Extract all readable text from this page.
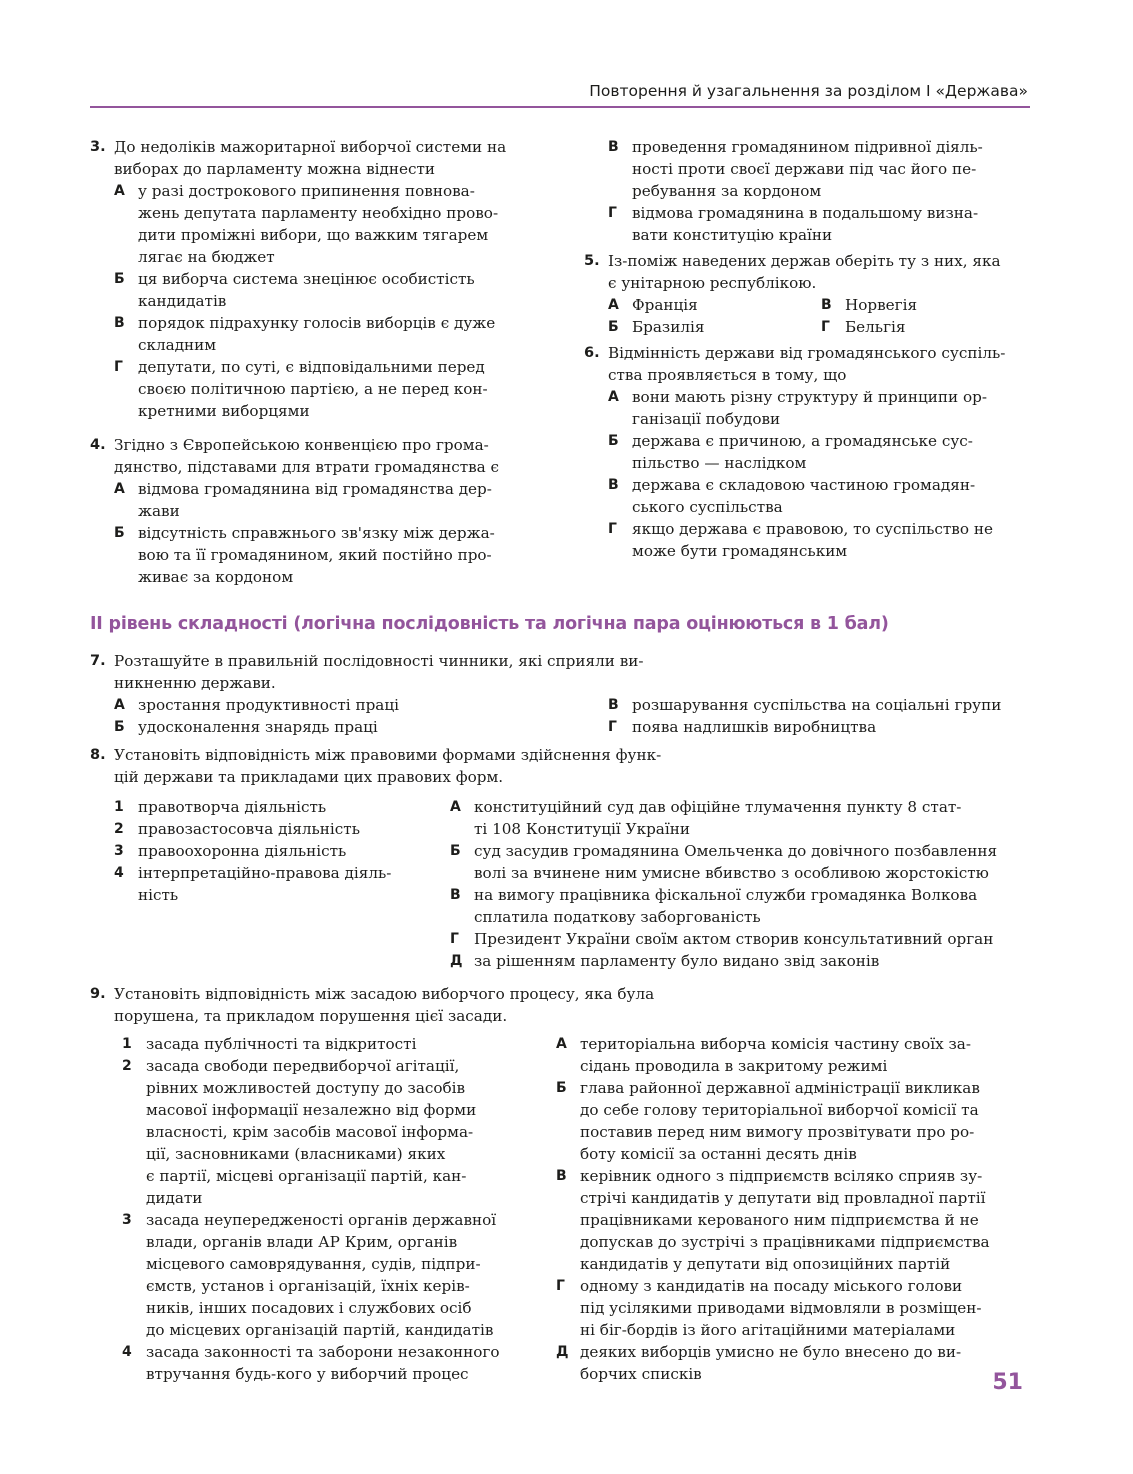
Повторення й узагальнення за розділом І «Держава»
3. До недоліків мажоритарної виборчої системи на
виборах до парламенту можна віднести
А у разі дострокового припинення повнова-
жень депутата парламенту необхідно прово-
дити проміжні вибори, що важким тягарем
лягає на бюджет
Б ця виборча система знецінює особистість
кандидатів
В порядок підрахунку голосів виборців є дуже
складним
Г депутати, по суті, є відповідальними перед
своєю політичною партією, а не перед кон-
кретними виборцями
4. Згідно з Європейською конвенцією про грома-
дянство, підставами для втрати громадянства є
А відмова громадянина від громадянства дер-
жави
Б відсутність справжнього зв'язку між держа-
вою та її громадянином, який постійно про-
живає за кордоном
В проведення громадянином підривної діяль-
ності проти своєї держави під час його пе-
ребування за кордоном
Г відмова громадянина в подальшому визна-
вати конституцію країни
5. Із-поміж наведених держав оберіть ту з них, яка
є унітарною республікою.
А Франція
Б Бразилія
В Норвегія
Г Бельгія
6. Відмінність держави від громадянського суспіль-
ства проявляється в тому, що
А вони мають різну структуру й принципи ор-
ганізації побудови
Б держава є причиною, а громадянське сус-
пільство — наслідком
В держава є складовою частиною громадян-
ського суспільства
Г якщо держава є правовою, то суспільство не
може бути громадянським
ІІ рівень складності (логічна послідовність та логічна пара оцінюються в 1 бал)
7. Розташуйте в правильній послідовності чинники, які сприяли ви-
никненню держави.
А зростання продуктивності праці
Б удосконалення знарядь праці
В розшарування суспільства на соціальні групи
Г поява надлишків виробництва
8. Установіть відповідність між правовими формами здійснення функ-
цій держави та прикладами цих правових форм.
1 правотворча діяльність
2 правозастосовча діяльність
3 правоохоронна діяльність
4 інтерпретаційно-правова діяль-
ність
А конституційний суд дав офіційне тлумачення пункту 8 стат-
ті 108 Конституції України
Б суд засудив громадянина Омельченка до довічного позбавлення
волі за вчинене ним умисне вбивство з особливою жорстокістю
В на вимогу працівника фіскальної служби громадянка Волкова
сплатила податкову заборгованість
Г Президент України своїм актом створив консультативний орган
Д за рішенням парламенту було видано звід законів
9. Установіть відповідність між засадою виборчого процесу, яка була
порушена, та прикладом порушення цієї засади.
1 засада публічності та відкритості
2 засада свободи передвиборчої агітації,
рівних можливостей доступу до засобів
масової інформації незалежно від форми
власності, крім засобів масової інформа-
ції, засновниками (власниками) яких
є партії, місцеві організації партій, кан-
дидати
3 засада неупередженості органів державної
влади, органів влади АР Крим, органів
місцевого самоврядування, судів, підпри-
ємств, установ і організацій, їхніх керів-
ників, інших посадових і службових осіб
до місцевих організацій партій, кандидатів
4 засада законності та заборони незаконного
втручання будь-кого у виборчий процес
А територіальна виборча комісія частину своїх за-
сідань проводила в закритому режимі
Б глава районної державної адміністрації викликав
до себе голову територіальної виборчої комісії та
поставив перед ним вимогу прозвітувати про ро-
боту комісії за останні десять днів
В керівник одного з підприємств всіляко сприяв зу-
стрічі кандидатів у депутати від провладної партії
працівниками керованого ним підприємства й не
допускав до зустрічі з працівниками підприємства
кандидатів у депутати від опозиційних партій
Г одному з кандидатів на посаду міського голови
під усілякими приводами відмовляли в розміщен-
ні біг-бордів із його агітаційними матеріалами
Д деяких виборців умисно не було внесено до ви-
борчих списків	51
